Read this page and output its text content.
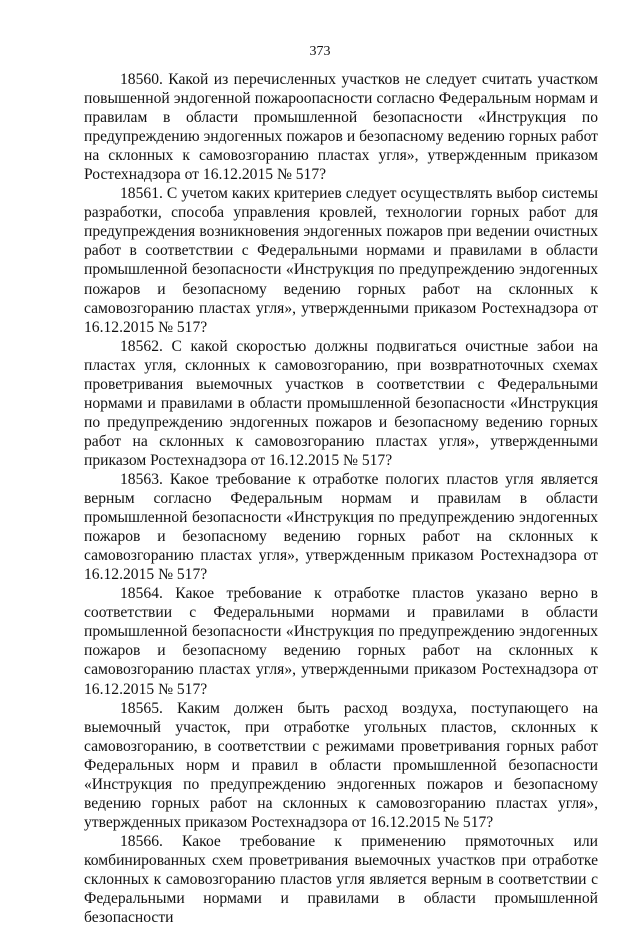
373

18560. Какой из перечисленных участков не следует считать участком повышенной эндогенной пожароопасности согласно Федеральным нормам и правилам в области промышленной безопасности «Инструкция по предупреждению эндогенных пожаров и безопасному ведению горных работ на склонных к самовозгоранию пластах угля», утвержденным приказом Ростехнадзора от 16.12.2015 № 517?

18561. С учетом каких критериев следует осуществлять выбор системы разработки, способа управления кровлей, технологии горных работ для предупреждения возникновения эндогенных пожаров при ведении очистных работ в соответствии с Федеральными нормами и правилами в области промышленной безопасности «Инструкция по предупреждению эндогенных пожаров и безопасному ведению горных работ на склонных к самовозгоранию пластах угля», утвержденными приказом Ростехнадзора от 16.12.2015 № 517?

18562. С какой скоростью должны подвигаться очистные забои на пластах угля, склонных к самовозгоранию, при возвратноточных схемах проветривания выемочных участков в соответствии с Федеральными нормами и правилами в области промышленной безопасности «Инструкция по предупреждению эндогенных пожаров и безопасному ведению горных работ на склонных к самовозгоранию пластах угля», утвержденными приказом Ростехнадзора от 16.12.2015 № 517?

18563. Какое требование к отработке пологих пластов угля является верным согласно Федеральным нормам и правилам в области промышленной безопасности «Инструкция по предупреждению эндогенных пожаров и безопасному ведению горных работ на склонных к самовозгоранию пластах угля», утвержденным приказом Ростехнадзора от 16.12.2015 № 517?

18564. Какое требование к отработке пластов указано верно в соответствии с Федеральными нормами и правилами в области промышленной безопасности «Инструкция по предупреждению эндогенных пожаров и безопасному ведению горных работ на склонных к самовозгоранию пластах угля», утвержденными приказом Ростехнадзора от 16.12.2015 № 517?

18565. Каким должен быть расход воздуха, поступающего на выемочный участок, при отработке угольных пластов, склонных к самовозгоранию, в соответствии с режимами проветривания горных работ Федеральных норм и правил в области промышленной безопасности «Инструкция по предупреждению эндогенных пожаров и безопасному ведению горных работ на склонных к самовозгоранию пластах угля», утвержденных приказом Ростехнадзора от 16.12.2015 № 517?

18566. Какое требование к применению прямоточных или комбинированных схем проветривания выемочных участков при отработке склонных к самовозгоранию пластов угля является верным в соответствии с Федеральными нормами и правилами в области промышленной безопасности
